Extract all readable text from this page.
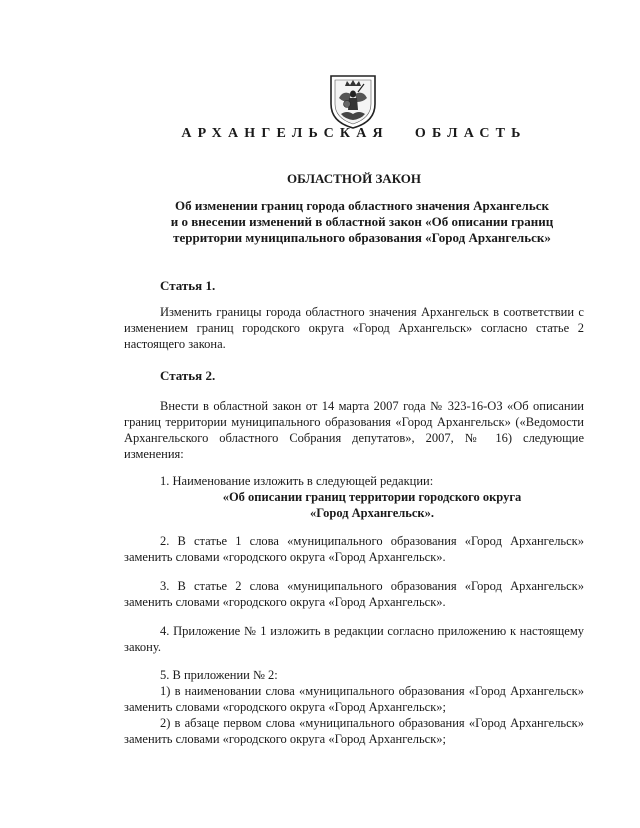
АРХАНГЕЛЬСКАЯ ОБЛАСТЬ
ОБЛАСТНОЙ ЗАКОН
Об изменении границ города областного значения Архангельск
и о внесении изменений в областной закон «Об описании границ
территории муниципального образования «Город Архангельск»
Статья 1.

Изменить границы города областного значения Архангельск в соответствии с изменением границ городского округа «Город Архангельск» согласно статье 2 настоящего закона.

Статья 2.

Внести в областной закон от 14 марта 2007 года № 323-16-ОЗ «Об описании границ территории муниципального образования «Город Архангельск» («Ведомости Архангельского областного Собрания депутатов», 2007, № 16) следующие изменения:

1. Наименование изложить в следующей редакции:

«Об описании границ территории городского округа
«Город Архангельск».

2. В статье 1 слова «муниципального образования «Город Архангельск» заменить словами «городского округа «Город Архангельск».

3. В статье 2 слова «муниципального образования «Город Архангельск» заменить словами «городского округа «Город Архангельск».

4. Приложение № 1 изложить в редакции согласно приложению к настоящему закону.

5. В приложении № 2:

1) в наименовании слова «муниципального образования «Город Архангельск» заменить словами «городского округа «Город Архангельск»;

2) в абзаце первом слова «муниципального образования «Город Архангельск» заменить словами «городского округа «Город Архангельск»;
